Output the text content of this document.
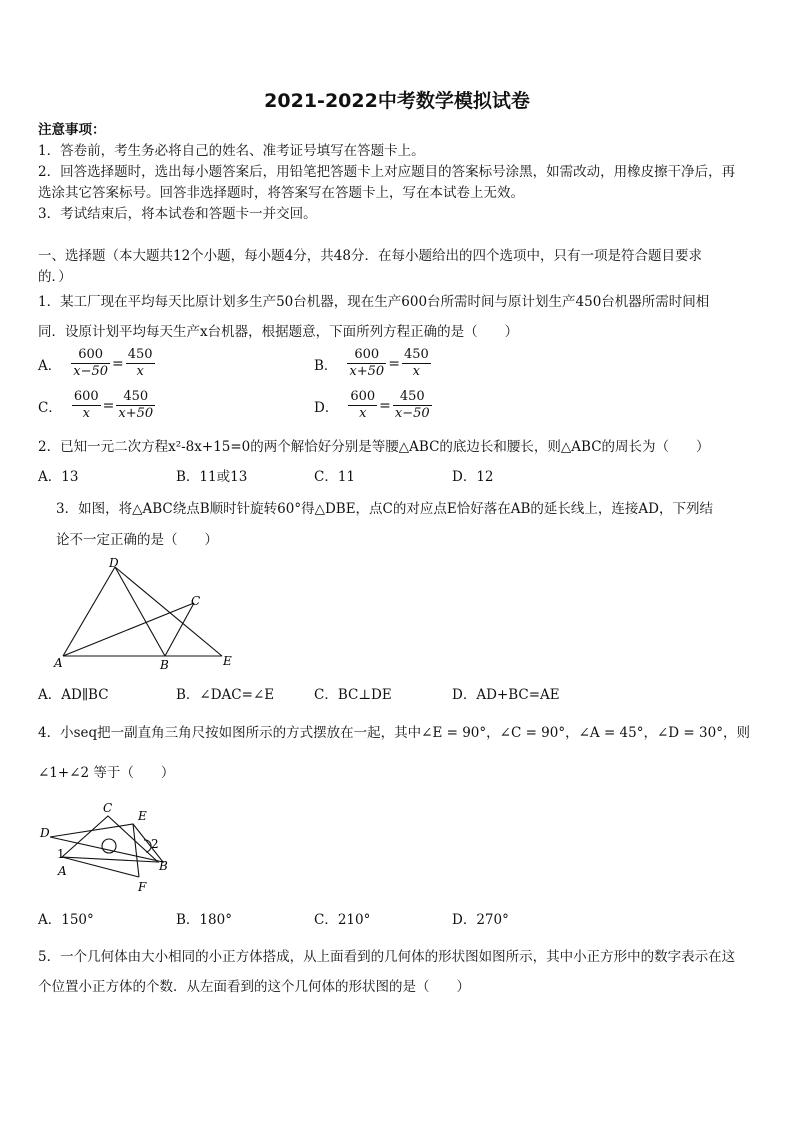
2021-2022中考数学模拟试卷
注意事项：
1．答卷前，考生务必将自己的姓名、准考证号填写在答题卡上。
2．回答选择题时，选出每小题答案后，用铅笔把答题卡上对应题目的答案标号涂黑，如需改动，用橡皮擦干净后，再
选涂其它答案标号。回答非选择题时，将答案写在答题卡上，写在本试卷上无效。
3．考试结束后，将本试卷和答题卡一并交回。
一、选择题（本大题共12个小题，每小题4分，共48分．在每小题给出的四个选项中，只有一项是符合题目要求
的．）
1．某工厂现在平均每天比原计划多生产50台机器，现在生产600台所需时间与原计划生产450台机器所需时间相
同．设原计划平均每天生产x台机器，根据题意，下面所列方程正确的是（　　）
A． $\frac{600}{x-50} = \frac{450}{x}$	B． $\frac{600}{x+50} = \frac{450}{x}$
C． $\frac{600}{x} = \frac{450}{x+50}$	D． $\frac{600}{x} = \frac{450}{x-50}$
2．已知一元二次方程x²-8x+15=0的两个解恰好分别是等腰△ABC的底边长和腰长，则△ABC的周长为（　　）
A．13	B．11或13	C．11	D．12
3．如图，将△ABC绕点B顺时针旋转60°得△DBE，点C的对应点E恰好落在AB的延长线上，连接AD，下列结
论不一定正确的是（　　）
D
C
A	B	E
A．AD∥BC	B．∠DAC=∠E	C．BC⊥DE	D．AD+BC=AE
4．小seq把一副直角三角尺按如图所示的方式摆放在一起，其中∠E = 90°，∠C = 90°，∠A = 45°，∠D = 30°，则
∠1+∠2 等于（　　）
C
E
D
1
2
A	B
F
A．150°	B．180°	C．210°	D．270°
5．一个几何体由大小相同的小正方体搭成，从上面看到的几何体的形状图如图所示，其中小正方形中的数字表示在这
个位置小正方体的个数．从左面看到的这个几何体的形状图的是（　　）
